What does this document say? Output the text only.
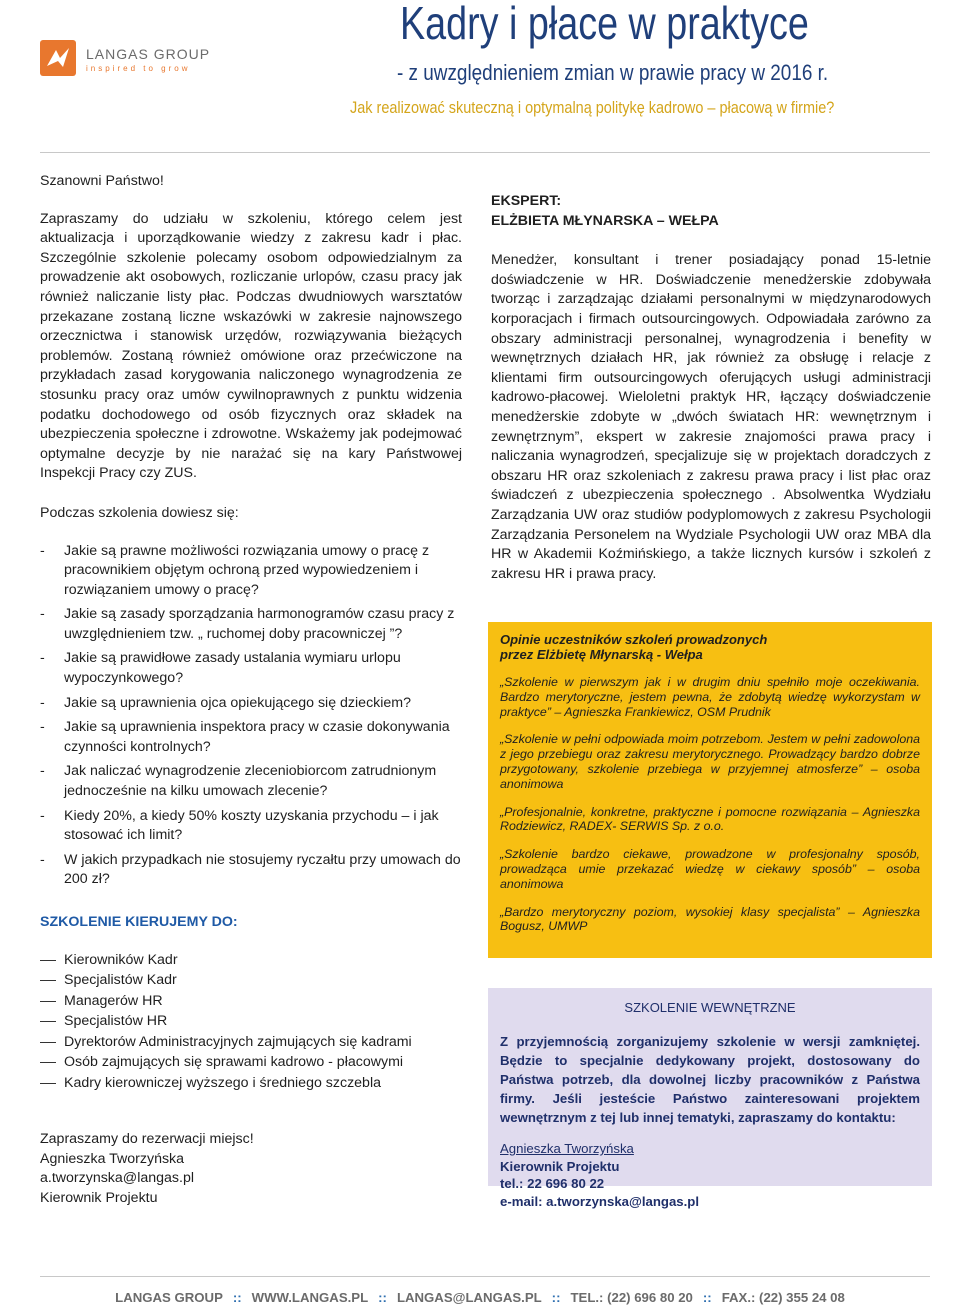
LANGAS GROUP
inspired to grow
Kadry i płace w praktyce
- z uwzględnieniem zmian w prawie pracy w 2016 r.
Jak realizować skuteczną i optymalną politykę kadrowo – płacową w firmie?

Szanowni Państwo!

Zapraszamy do udziału w szkoleniu, którego celem jest aktualizacja i uporządkowanie wiedzy z zakresu kadr i płac. Szczególnie szkolenie polecamy osobom odpowiedzialnym za prowadzenie akt osobowych, rozliczanie urlopów, czasu pracy jak również naliczanie listy płac. Podczas dwudniowych warsztatów przekazane zostaną liczne wskazówki w zakresie najnowszego orzecznictwa i stanowisk urzędów, rozwiązywania bieżących problemów. Zostaną również omówione oraz przećwiczone na przykładach zasad korygowania naliczonego wynagrodzenia ze stosunku pracy oraz umów cywilnoprawnych z punktu widzenia podatku dochodowego od osób fizycznych oraz składek na ubezpieczenia społeczne i zdrowotne. Wskażemy jak podejmować optymalne decyzje by nie narażać się na kary Państwowej Inspekcji Pracy czy ZUS.

Podczas szkolenia dowiesz się:

- Jakie są prawne możliwości rozwiązania umowy o pracę z pracownikiem objętym ochroną przed wypowiedzeniem i rozwiązaniem umowy o pracę?
- Jakie są zasady sporządzania harmonogramów czasu pracy z uwzględnieniem tzw. „ ruchomej doby pracowniczej ”?
- Jakie są prawidłowe zasady ustalania wymiaru urlopu wypoczynkowego?
- Jakie są uprawnienia ojca opiekującego się dzieckiem?
- Jakie są uprawnienia inspektora pracy w czasie dokonywania czynności kontrolnych?
- Jak naliczać wynagrodzenie zleceniobiorcom zatrudnionym jednocześnie na kilku umowach zlecenie?
- Kiedy 20%, a kiedy 50% koszty uzyskania przychodu – i jak stosować ich limit?
- W jakich przypadkach nie stosujemy ryczałtu przy umowach do 200 zł?

SZKOLENIE KIERUJEMY DO:

Kierowników Kadr
Specjalistów Kadr
Managerów HR
Specjalistów HR
Dyrektorów Administracyjnych zajmujących się kadrami
Osób zajmujących się sprawami kadrowo - płacowymi
Kadry kierowniczej wyższego i średniego szczebla

Zapraszamy do rezerwacji miejsc!

Agnieszka Tworzyńska

a.tworzynska@langas.pl

Kierownik Projektu

EKSPERT:

ELŻBIETA MŁYNARSKA – WEŁPA

Menedżer, konsultant i trener posiadający ponad 15-letnie doświadczenie w HR. Doświadczenie menedżerskie zdobywała tworząc i zarządzając działami personalnymi w międzynarodowych korporacjach i firmach outsourcingowych. Odpowiadała zarówno za obszary administracji personalnej, wynagrodzenia i benefity w wewnętrznych działach HR, jak również za obsługę i relacje z klientami firm outsourcingowych oferujących usługi administracji kadrowo-płacowej. Wieloletni praktyk HR, łączący doświadczenie menedżerskie zdobyte w „dwóch światach HR: wewnętrznym i zewnętrznym”, ekspert w zakresie znajomości prawa pracy i naliczania wynagrodzeń, specjalizuje się w projektach doradczych z obszaru HR oraz szkoleniach z zakresu prawa pracy i list płac oraz świadczeń z ubezpieczenia społecznego . Absolwentka Wydziału Zarządzania UW oraz studiów podyplomowych z zakresu Psychologii Zarządzania Personelem na Wydziale Psychologii UW oraz MBA dla HR w Akademii Koźmińskiego, a także licznych kursów i szkoleń z zakresu HR i prawa pracy.

Opinie uczestników szkoleń prowadzonych
przez Elżbietę Młynarską - Wełpa
„Szkolenie w pierwszym jak i w drugim dniu spełniło moje oczekiwania. Bardzo merytoryczne, jestem pewna, że zdobytą wiedzę wykorzystam w praktyce” – Agnieszka Frankiewicz, OSM Prudnik
„Szkolenie w pełni odpowiada moim potrzebom. Jestem w pełni zadowolona z jego przebiegu oraz zakresu merytorycznego. Prowadzący bardzo dobrze przygotowany, szkolenie przebiega w przyjemnej atmosferze” – osoba anonimowa
„Profesjonalnie, konkretne, praktyczne i pomocne rozwiązania – Agnieszka Rodziewicz, RADEX- SERWIS Sp. z o.o.
„Szkolenie bardzo ciekawe, prowadzone w profesjonalny sposób, prowadząca umie przekazać wiedzę w ciekawy sposób” – osoba anonimowa
„Bardzo merytoryczny poziom, wysokiej klasy specjalista” – Agnieszka Bogusz, UMWP
SZKOLENIE WEWNĘTRZNE
Z przyjemnością zorganizujemy szkolenie w wersji zamkniętej. Będzie to specjalnie dedykowany projekt, dostosowany do Państwa potrzeb, dla dowolnej liczby pracowników z Państwa firmy. Jeśli jesteście Państwo zainteresowani projektem wewnętrznym z tej lub innej tematyki, zapraszamy do kontaktu:
Agnieszka Tworzyńska
Kierownik Projektu
tel.: 22 696 80 22
e-mail: a.tworzynska@langas.pl
LANGAS GROUP :: WWW.LANGAS.PL :: LANGAS@LANGAS.PL :: TEL.: (22) 696 80 20 :: FAX.: (22) 355 24 08
